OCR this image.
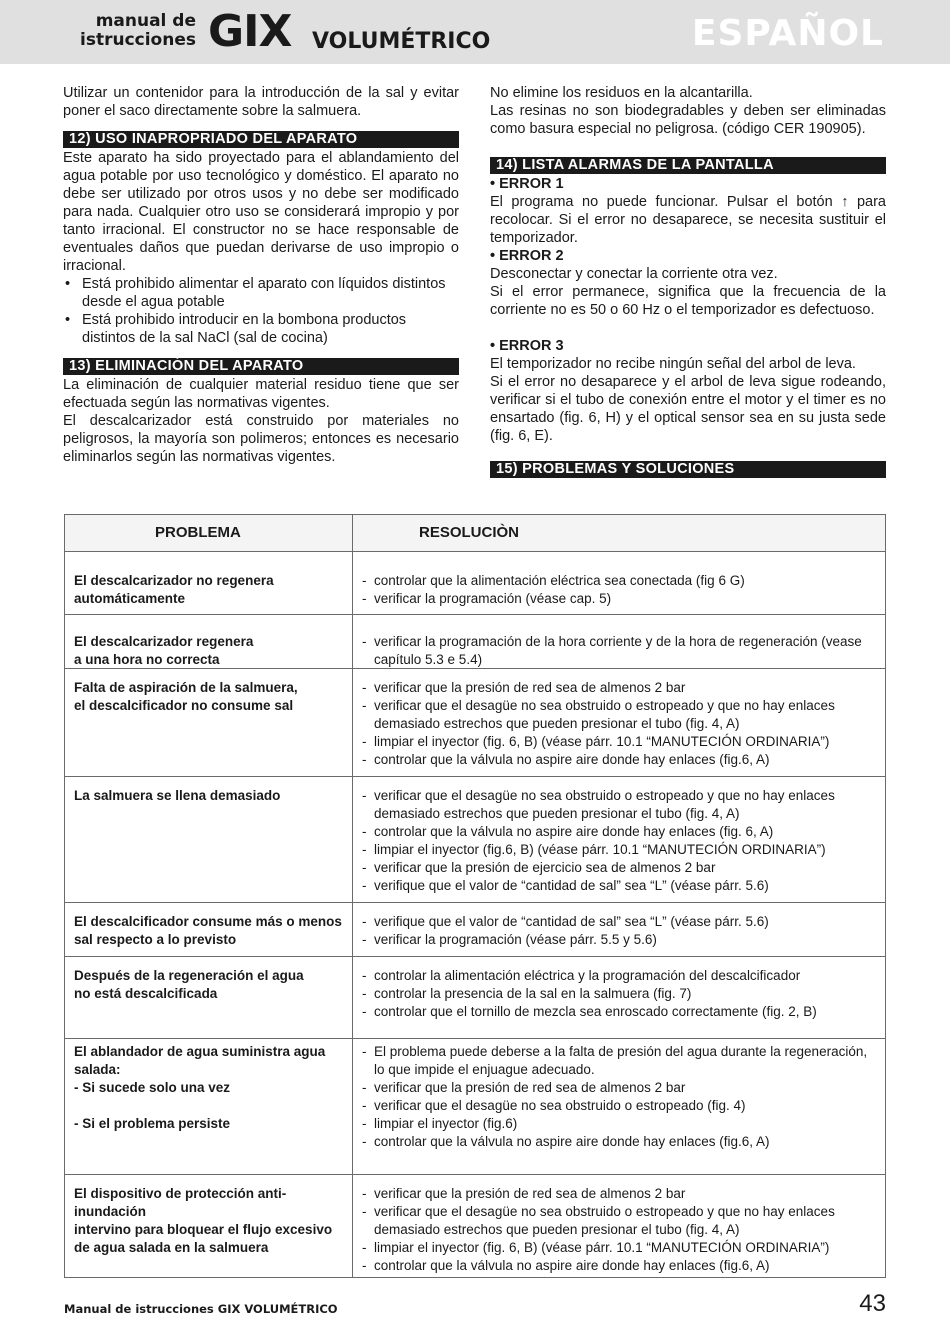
manual de
istrucciones GIX VOLUMÉTRICO	ESPAÑOL

Utilizar un contenidor para la introducción de la sal y evitar poner el saco directamente sobre la salmuera.

12) USO INAPROPRIADO DEL APARATO

Este aparato ha sido proyectado para el ablandamiento del agua potable por uso tecnológico y doméstico. El aparato no debe ser utilizado por otros usos y no debe ser modificado para nada. Cualquier otro uso se considerará impropio y por tanto irracional. El constructor no se hace responsable de eventuales daños que puedan derivarse de uso impropio o irracional.

• Está prohibido alimentar el aparato con líquidos distintos desde el agua potable
• Está prohibido introducir en la bombona productos distintos de la sal NaCl (sal de cocina)
13) ELIMINACIÓN DEL APARATO

La eliminación de cualquier material residuo tiene que ser efectuada según las normativas vigentes.

El descalcarizador está construido por materiales no peligrosos, la mayoría son polimeros; entonces es necesario eliminarlos según las normativas vigentes.

No elimine los residuos en la alcantarilla.

Las resinas no son biodegradables y deben ser eliminadas como basura especial no peligrosa. (código CER 190905).

14) LISTA ALARMAS DE LA PANTALLA
• ERROR 1

El programa no puede funcionar. Pulsar el botón ↑ para recolocar. Si el error no desaparece, se necesita sustituir el temporizador.

• ERROR 2

Desconectar y conectar la corriente otra vez.

Si el error permanece, significa que la frecuencia de la corriente no es 50 o 60 Hz o el temporizador es defectuoso.

• ERROR 3

El temporizador no recibe ningún señal del arbol de leva.

Si el error no desaparece y el arbol de leva sigue rodeando, verificar si el tubo de conexión entre el motor y el timer es no ensartado (fig. 6, H) y el optical sensor sea en su justa sede (fig. 6, E).

15) PROBLEMAS Y SOLUCIONES
PROBLEMA	RESOLUCIÒN
El descalcarizador no regenera
automáticamente
- controlar que la alimentación eléctrica sea conectada (fig 6 G)
- verificar la programación (véase cap. 5)
El descalcarizador regenera
a una hora no correcta
- verificar la programación de la hora corriente y de la hora de regeneración (vease capítulo 5.3 e 5.4)
Falta de aspiración de la salmuera,
el descalcificador no consume sal
- verificar que la presión de red sea de almenos 2 bar
- verificar que el desagüe no sea obstruido o estropeado y que no hay enlaces demasiado estrechos que pueden presionar el tubo (fig. 4, A)
- limpiar el inyector (fig. 6, B) (véase párr. 10.1 “MANUTECIÓN ORDINARIA”)
- controlar que la válvula no aspire aire donde hay enlaces (fig.6, A)
La salmuera se llena demasiado
-	verificar que el desagüe no sea obstruido o estropeado y que no hay enlaces demasiado estrechos que pueden presionar el tubo (fig. 4, A)
- controlar que la válvula no aspire aire donde hay enlaces (fig. 6, A)
- limpiar el inyector (fig.6, B) (véase párr. 10.1 “MANUTECIÓN ORDINARIA”)
- verificar que la presión de ejercicio sea de almenos 2 bar
- verifique que el valor de “cantidad de sal” sea “L” (véase párr. 5.6)
El descalcificador consume más o menos
sal respecto a lo previsto
- verifique que el valor de “cantidad de sal” sea “L” (véase párr. 5.6)
- verificar la programación (véase párr. 5.5 y 5.6)
Después de la regeneración el agua
no está descalcificada
- controlar la alimentación eléctrica y la programación del descalcificador
- controlar la presencia de la sal en la salmuera (fig. 7)
- controlar que el tornillo de mezcla sea enroscado correctamente (fig. 2, B)
El ablandador de agua suministra agua salada:
- Si sucede solo una vez

- Si el problema persiste
- El problema puede deberse a la falta de presión del agua durante la regeneración, lo que impide el enjuague adecuado.
- verificar que la presión de red sea de almenos 2 bar
- verificar que el desagüe no sea obstruido o estropeado (fig. 4)
- limpiar el inyector (fig.6)
- controlar que la válvula no aspire aire donde hay enlaces (fig.6, A)
El dispositivo de protección anti-inundación
intervino para bloquear el flujo excesivo
de agua salada en la salmuera
- verificar que la presión de red sea de almenos 2 bar
- verificar que el desagüe no sea obstruido o estropeado y que no hay enlaces demasiado estrechos que pueden presionar el tubo (fig. 4, A)
- limpiar el inyector (fig. 6, B) (véase párr. 10.1 “MANUTECIÓN ORDINARIA”)
- controlar que la válvula no aspire aire donde hay enlaces (fig.6, A)
Manual de istrucciones GIX VOLUMÉTRICO	43
